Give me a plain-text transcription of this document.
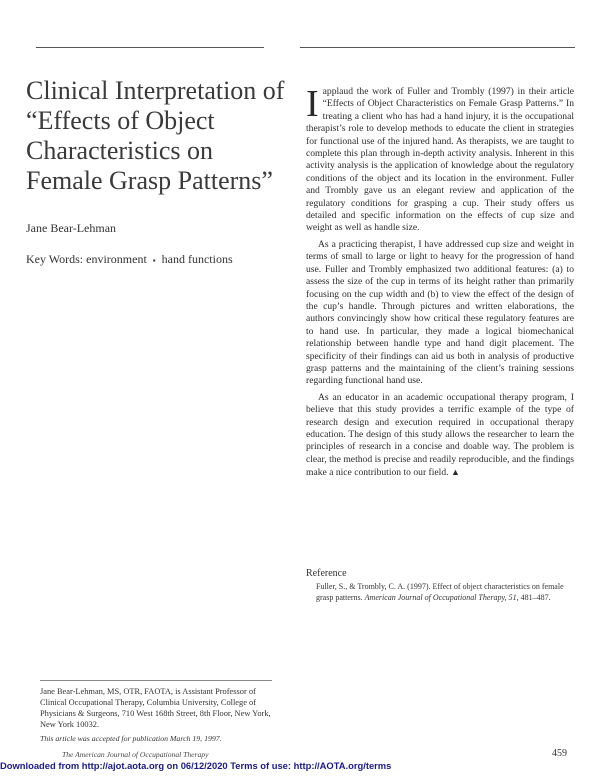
Clinical Interpretation of “Effects of Object Characteristics on Female Grasp Patterns”
Jane Bear-Lehman
Key Words: environment ▪ hand functions

Iapplaud the work of Fuller and Trombly (1997) in their article “Effects of Object Characteristics on Female Grasp Patterns.” In treating a client who has had a hand injury, it is the occupational therapist’s role to develop methods to educate the client in strategies for functional use of the injured hand. As therapists, we are taught to complete this plan through in-depth activity analysis. Inherent in this activity analysis is the application of knowledge about the regulatory conditions of the object and its location in the environment. Fuller and Trombly gave us an elegant review and application of the regulatory conditions for grasping a cup. Their study offers us detailed and specific information on the effects of cup size and weight as well as handle size.

As a practicing therapist, I have addressed cup size and weight in terms of small to large or light to heavy for the progression of hand use. Fuller and Trombly emphasized two additional features: (a) to assess the size of the cup in terms of its height rather than primarily focusing on the cup width and (b) to view the effect of the design of the cup’s handle. Through pictures and written elaborations, the authors convincingly show how critical these regulatory features are to hand use. In particular, they made a logical biomechanical relationship between handle type and hand digit placement. The specificity of their findings can aid us both in analysis of productive grasp patterns and the maintaining of the client’s training sessions regarding functional hand use.

As an educator in an academic occupational therapy program, I believe that this study provides a terrific example of the type of research design and execution required in occupational therapy education. The design of this study allows the researcher to learn the principles of research in a concise and doable way. The problem is clear, the method is precise and readily reproducible, and the findings make a nice contribution to our field. ▲

Reference
Fuller, S., & Trombly, C. A. (1997). Effect of object characteristics on female grasp patterns. American Journal of Occupational Therapy, 51, 481–487.

Jane Bear-Lehman, MS, OTR, FAOTA, is Assistant Professor of Clinical Occupational Therapy, Columbia University, College of Physicians & Surgeons, 710 West 168th Street, 8th Floor, New York, New York 10032.

This article was accepted for publication March 19, 1997.
The American Journal of Occupational Therapy	459
Downloaded from http://ajot.aota.org on 06/12/2020 Terms of use: http://AOTA.org/terms
